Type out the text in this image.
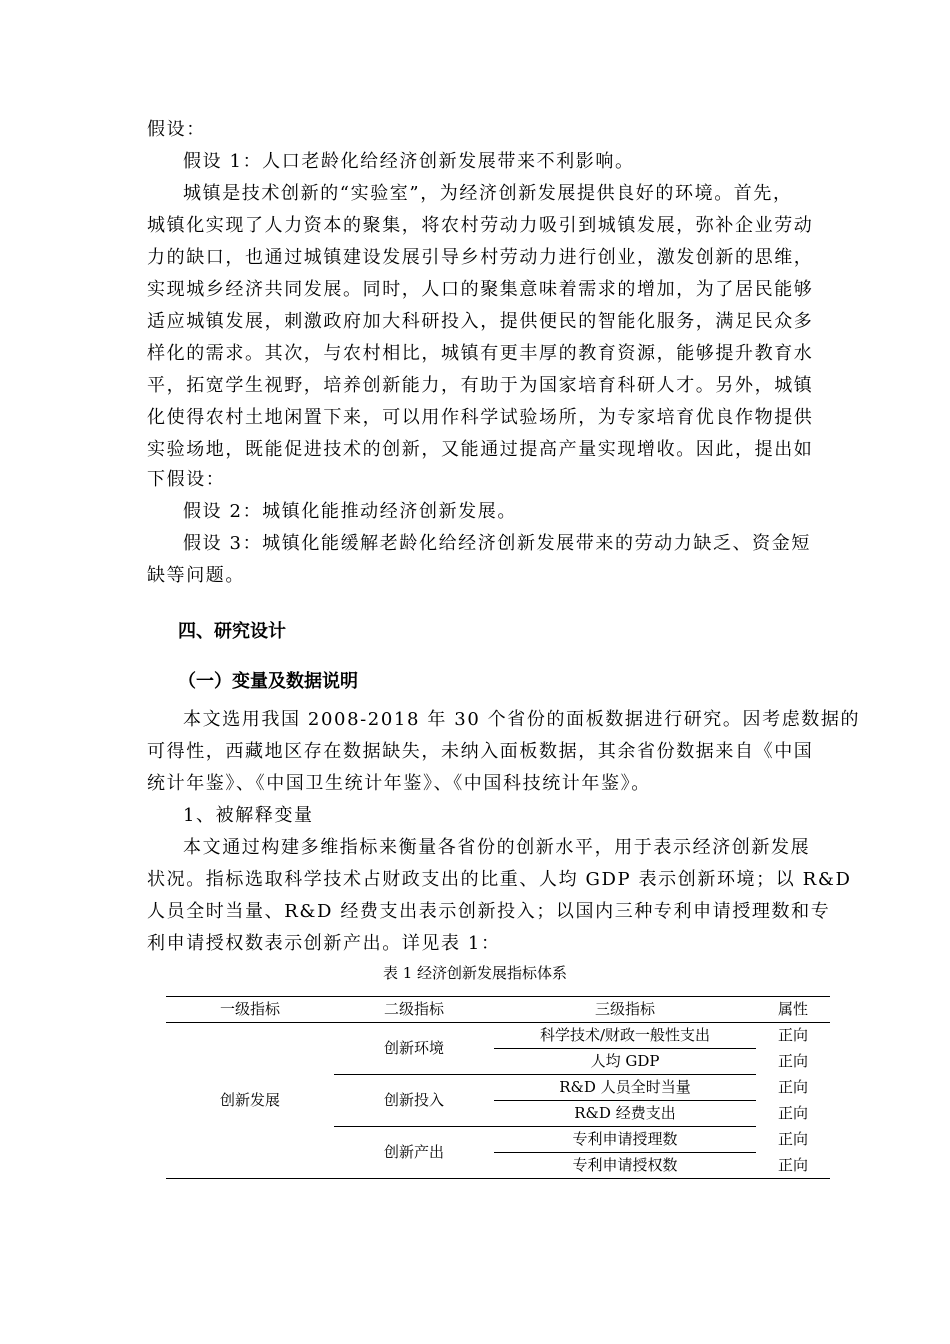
假设：
假设 1：人口老龄化给经济创新发展带来不利影响。
城镇是技术创新的“实验室”，为经济创新发展提供良好的环境。首先，
城镇化实现了人力资本的聚集，将农村劳动力吸引到城镇发展，弥补企业劳动
力的缺口，也通过城镇建设发展引导乡村劳动力进行创业，激发创新的思维，
实现城乡经济共同发展。同时，人口的聚集意味着需求的增加，为了居民能够
适应城镇发展，刺激政府加大科研投入，提供便民的智能化服务，满足民众多
样化的需求。其次，与农村相比，城镇有更丰厚的教育资源，能够提升教育水
平，拓宽学生视野，培养创新能力，有助于为国家培育科研人才。另外，城镇
化使得农村土地闲置下来，可以用作科学试验场所，为专家培育优良作物提供
实验场地，既能促进技术的创新，又能通过提高产量实现增收。因此，提出如
下假设：
假设 2：城镇化能推动经济创新发展。
假设 3：城镇化能缓解老龄化给经济创新发展带来的劳动力缺乏、资金短
缺等问题。
四、研究设计
（一）变量及数据说明
本文选用我国 2008-2018 年 30 个省份的面板数据进行研究。因考虑数据的
可得性，西藏地区存在数据缺失，未纳入面板数据，其余省份数据来自《中国
统计年鉴》、《中国卫生统计年鉴》、《中国科技统计年鉴》。
1、被解释变量
本文通过构建多维指标来衡量各省份的创新水平，用于表示经济创新发展
状况。指标选取科学技术占财政支出的比重、人均 GDP 表示创新环境；以 R&D
人员全时当量、R&D 经费支出表示创新投入；以国内三种专利申请授理数和专
利申请授权数表示创新产出。详见表 1：
表 1 经济创新发展指标体系
一级指标	二级指标	三级指标	属性
创新发展	创新环境	科学技术/财政一般性支出	正向
		人均 GDP	正向
	创新投入	R&D 人员全时当量	正向
		R&D 经费支出	正向
	创新产出	专利申请授理数	正向
		专利申请授权数	正向
